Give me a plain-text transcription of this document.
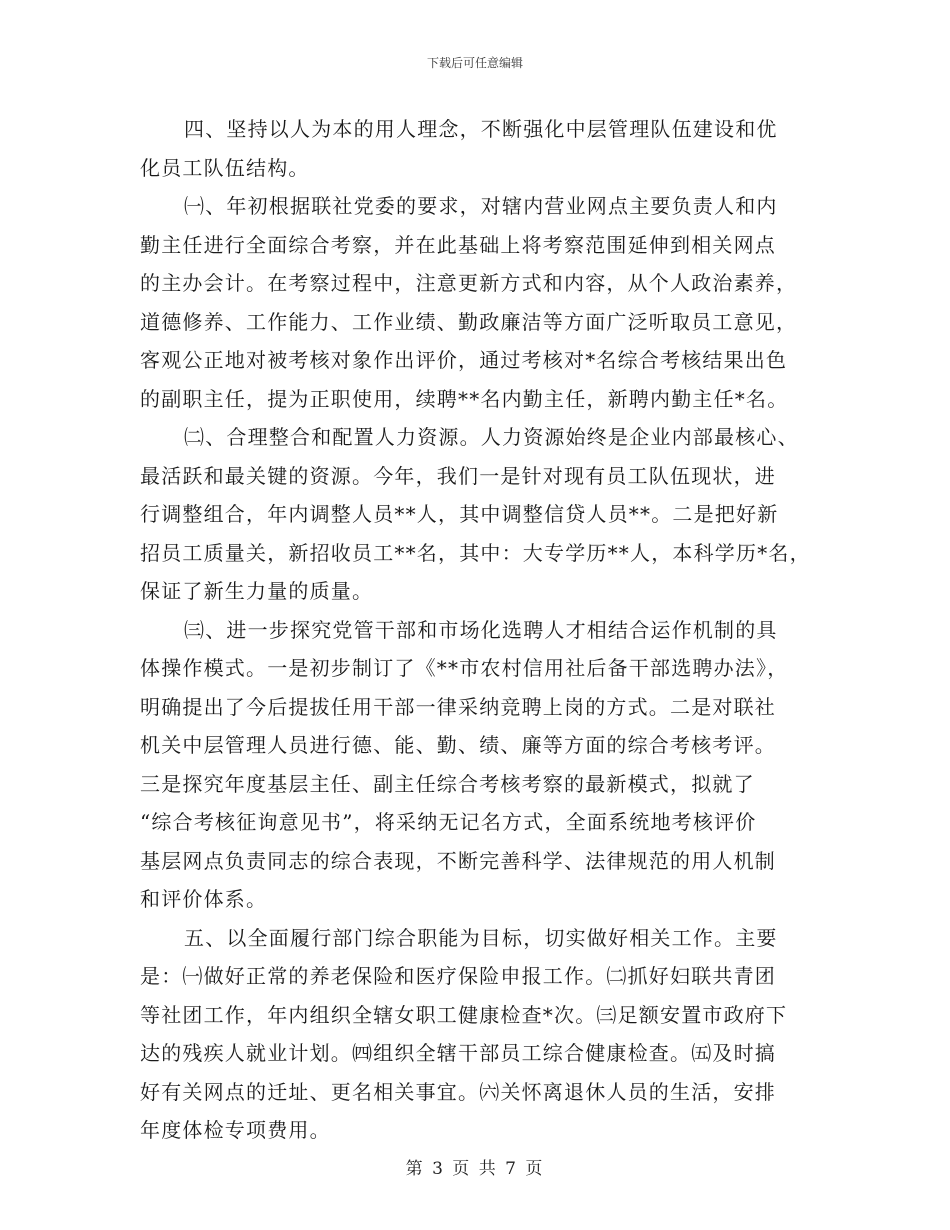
下载后可任意编辑
四、坚持以人为本的用人理念，不断强化中层管理队伍建设和优
化员工队伍结构。
㈠、年初根据联社党委的要求，对辖内营业网点主要负责人和内
勤主任进行全面综合考察，并在此基础上将考察范围延伸到相关网点
的主办会计。在考察过程中，注意更新方式和内容，从个人政治素养，
道德修养、工作能力、工作业绩、勤政廉洁等方面广泛听取员工意见，
客观公正地对被考核对象作出评价，通过考核对*名综合考核结果出色
的副职主任，提为正职使用，续聘**名内勤主任，新聘内勤主任*名。
㈡、合理整合和配置人力资源。人力资源始终是企业内部最核心、
最活跃和最关键的资源。今年，我们一是针对现有员工队伍现状，进
行调整组合，年内调整人员**人，其中调整信贷人员**。二是把好新
招员工质量关，新招收员工**名，其中：大专学历**人，本科学历*名，
保证了新生力量的质量。
㈢、进一步探究党管干部和市场化选聘人才相结合运作机制的具
体操作模式。一是初步制订了《**市农村信用社后备干部选聘办法》，
明确提出了今后提拔任用干部一律采纳竞聘上岗的方式。二是对联社
机关中层管理人员进行德、能、勤、绩、廉等方面的综合考核考评。
三是探究年度基层主任、副主任综合考核考察的最新模式，拟就了
“综合考核征询意见书”，将采纳无记名方式，全面系统地考核评价
基层网点负责同志的综合表现，不断完善科学、法律规范的用人机制
和评价体系。
五、以全面履行部门综合职能为目标，切实做好相关工作。主要
是：㈠做好正常的养老保险和医疗保险申报工作。㈡抓好妇联共青团
等社团工作，年内组织全辖女职工健康检查*次。㈢足额安置市政府下
达的残疾人就业计划。㈣组织全辖干部员工综合健康检查。㈤及时搞
好有关网点的迁址、更名相关事宜。㈥关怀离退休人员的生活，安排
年度体检专项费用。
第 3 页 共 7 页
